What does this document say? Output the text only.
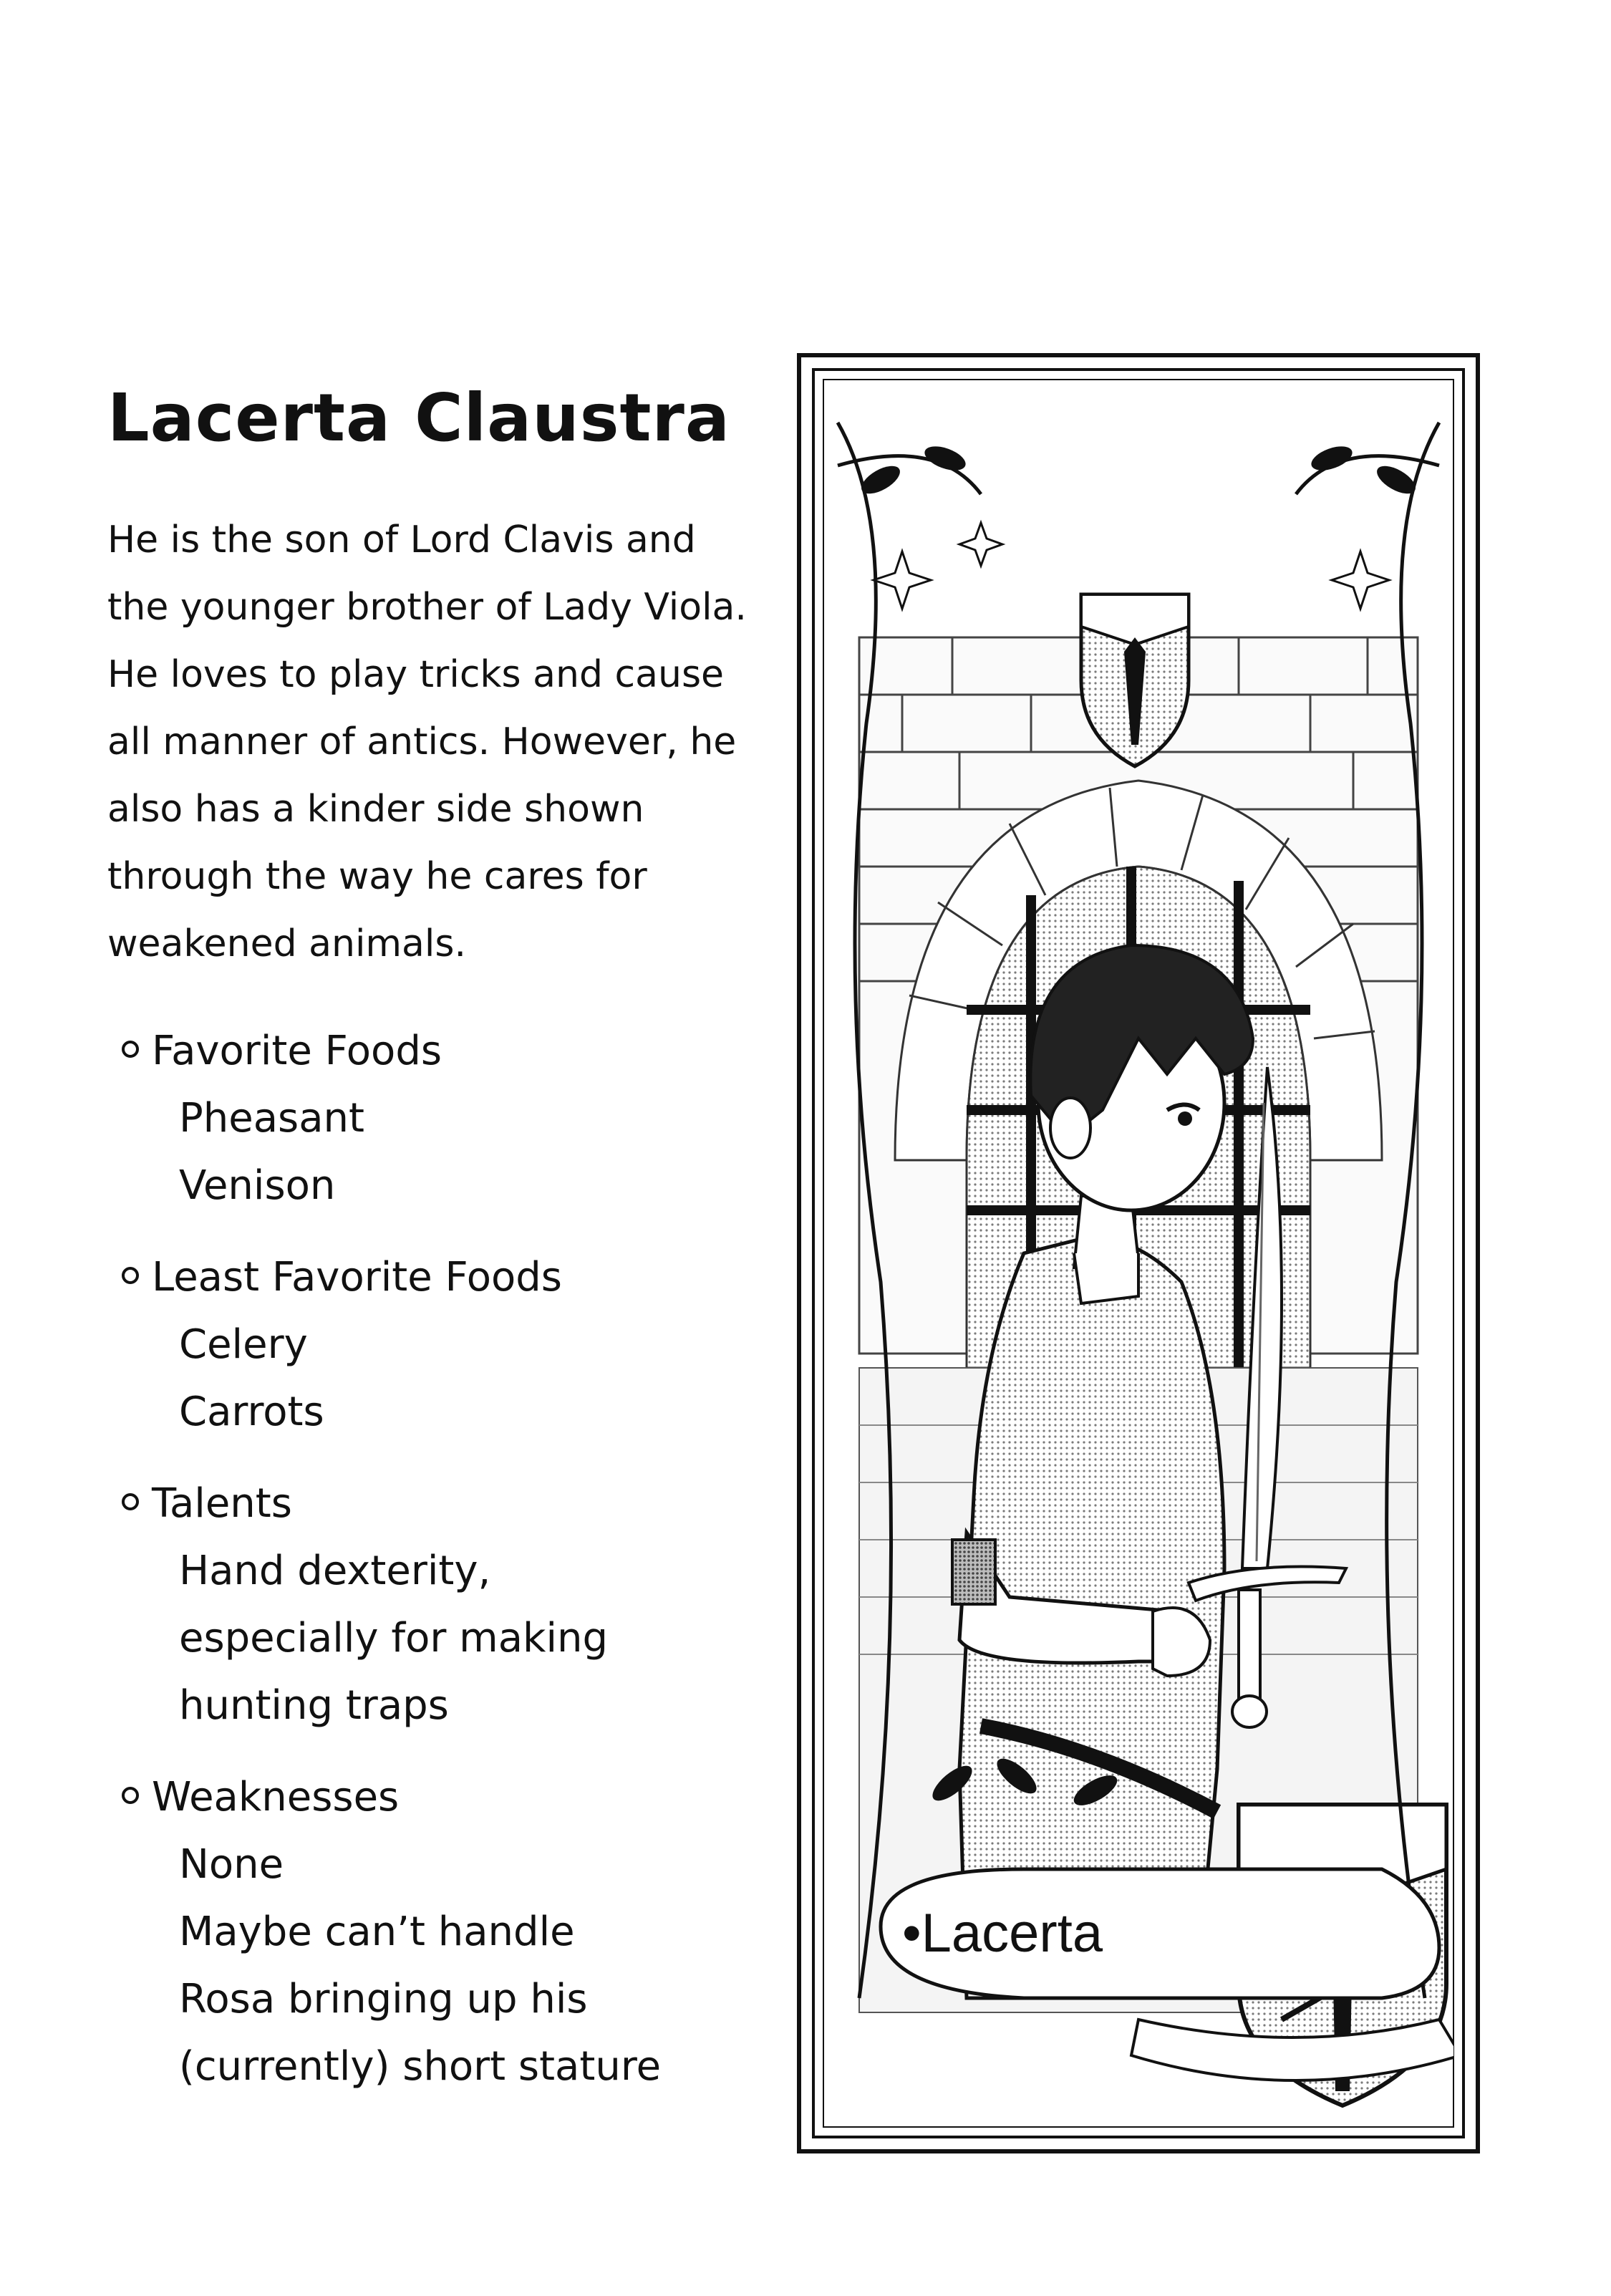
Lacerta Claustra

He is the son of Lord Clavis and the younger brother of Lady Viola. He loves to play tricks and cause all manner of antics. However, he also has a kinder side shown through the way he cares for weakened animals.

Favorite Foods
Pheasant
Venison
Least Favorite Foods
Celery
Carrots
Talents
Hand dexterity,
especially for making
hunting traps
Weaknesses
None
Maybe can’t handle
Rosa bringing up his
(currently) short stature
•Lacerta
